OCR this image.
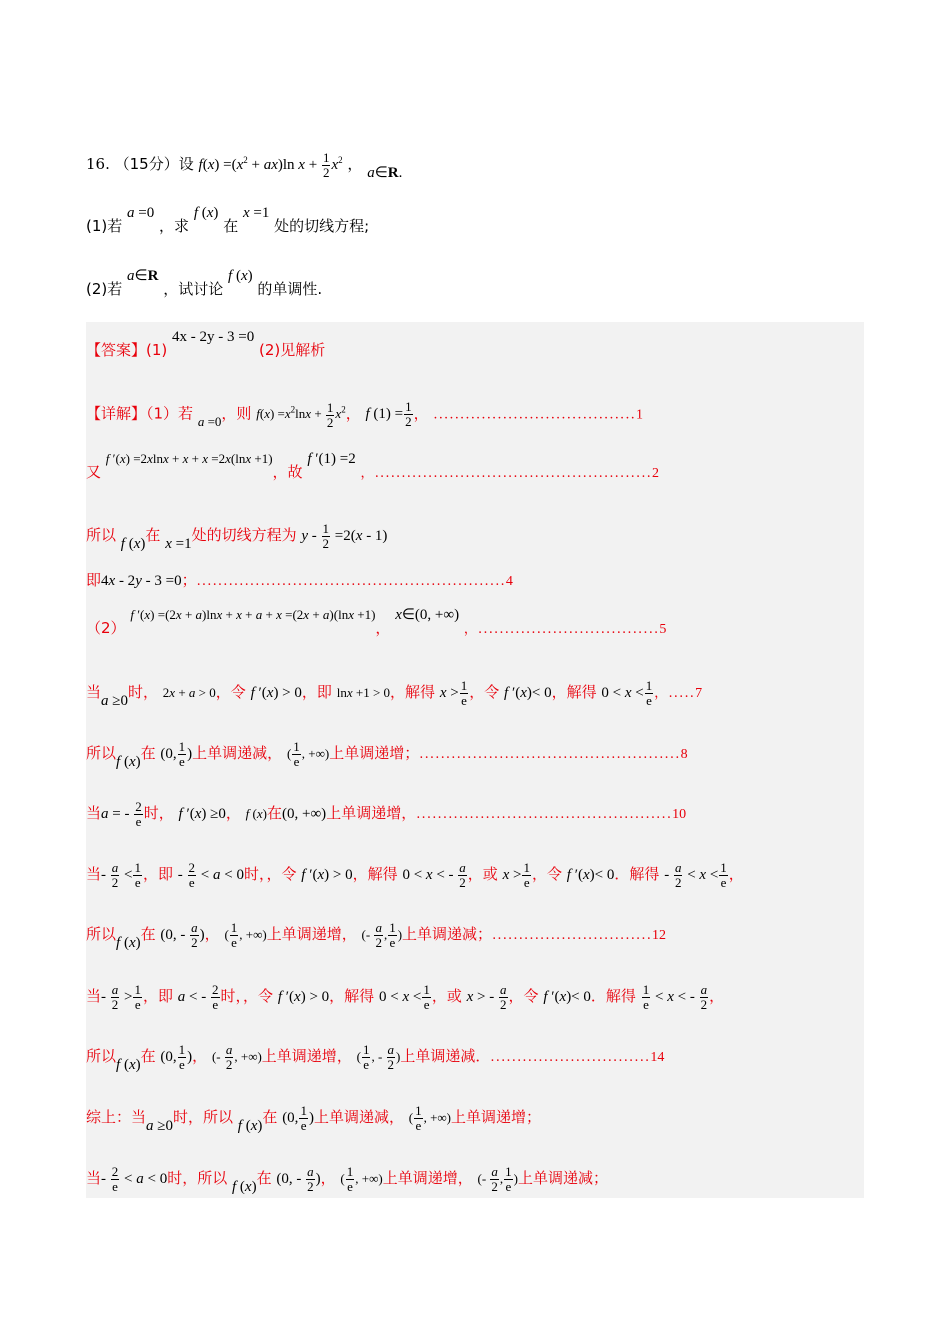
16. （15分）设 $f(x) =(x^2 + ax)\ln$ $x + \frac{1}{2} x^2$ ， a∈R.
(1)若 a =0 ，求 f (x) 在 x =1 处的切线方程;
(2)若 a∈R ，试讨论 f (x) 的单调性.
【答案】(1) 4x - 2y - 3 =0 (2)见解析
【详解】（1）若 a =0，则 $f(x) =x^2\ln x + \frac{1}{2} x^2$， f $(1) = \frac{1}{2}$ ， ......................................1
又 f ′(x) =2xlnx + x + x =2x(lnx +1)，故 f ′(1) =2 ，....................................................2
所以 f (x)在 x =1处的切线方程为 $y - \frac{1}{2} =2(x - 1)$
即4x - 2y - 3 =0；..........................................................4
（2） f ′(x) =(2x + a)lnx + x + a + x =(2x + a)(lnx +1)， x∈(0, +∞) ，..................................5
当a ≥0时， 2x + a > 0，令 f ′(x) > 0，即 lnx +1 > 0，解得 $x > \frac{1}{e}$ ，令 f ′(x)< 0，解得 $0 < x < \frac{1}{e}$ ，.....7
所以f (x)在 (0, $\frac{1}{e}$ )上单调递减， ( $\frac{1}{e}$ , +∞)上单调递增；.................................................8
当a = - $\frac{2}{e}$ 时， f ′(x) ≥0， f (x)在(0, +∞)上单调递增，................................................10
当- $\frac{a}{2} < \frac{1}{e}$ ，即 - $\frac{2}{e} < a < 0$时，，令 f ′(x) > 0，解得 0 < x < - $\frac{a}{2}$ ，或 $x > \frac{1}{e}$ ，令 f ′(x)< 0．解得 - $\frac{a}{2} < x < \frac{1}{e}$ ，
所以f (x)在 (0, - $\frac{a}{2}$ )， ( $\frac{1}{e}$ , +∞)上单调递增， (- $\frac{a}{2}$ , $\frac{1}{e}$ )上单调递减；..............................12
当- $\frac{a}{2} > \frac{1}{e}$ ，即 a < - $\frac{2}{e}$ 时，，令 f ′(x) > 0，解得 $0 < x < \frac{1}{e}$ ，或 x > - $\frac{a}{2}$ ，令 f ′(x)< 0．解得 $\frac{1}{e} < x$ < - $\frac{a}{2}$ ，
所以f (x)在 (0, $\frac{1}{e}$ )， (- $\frac{a}{2}$ , +∞)上单调递增， ( $\frac{1}{e}$ , - $\frac{a}{2}$ )上单调递减．..............................14
综上：当a ≥0时，所以 f (x)在 (0, $\frac{1}{e}$ )上单调递减， ( $\frac{1}{e}$ , +∞)上单调递增；
当- $\frac{2}{e} < a < 0$时，所以 f (x)在 (0, - $\frac{a}{2}$ )， ( $\frac{1}{e}$ , +∞)上单调递增， (- $\frac{a}{2}$ , $\frac{1}{e}$ )上单调递减；
